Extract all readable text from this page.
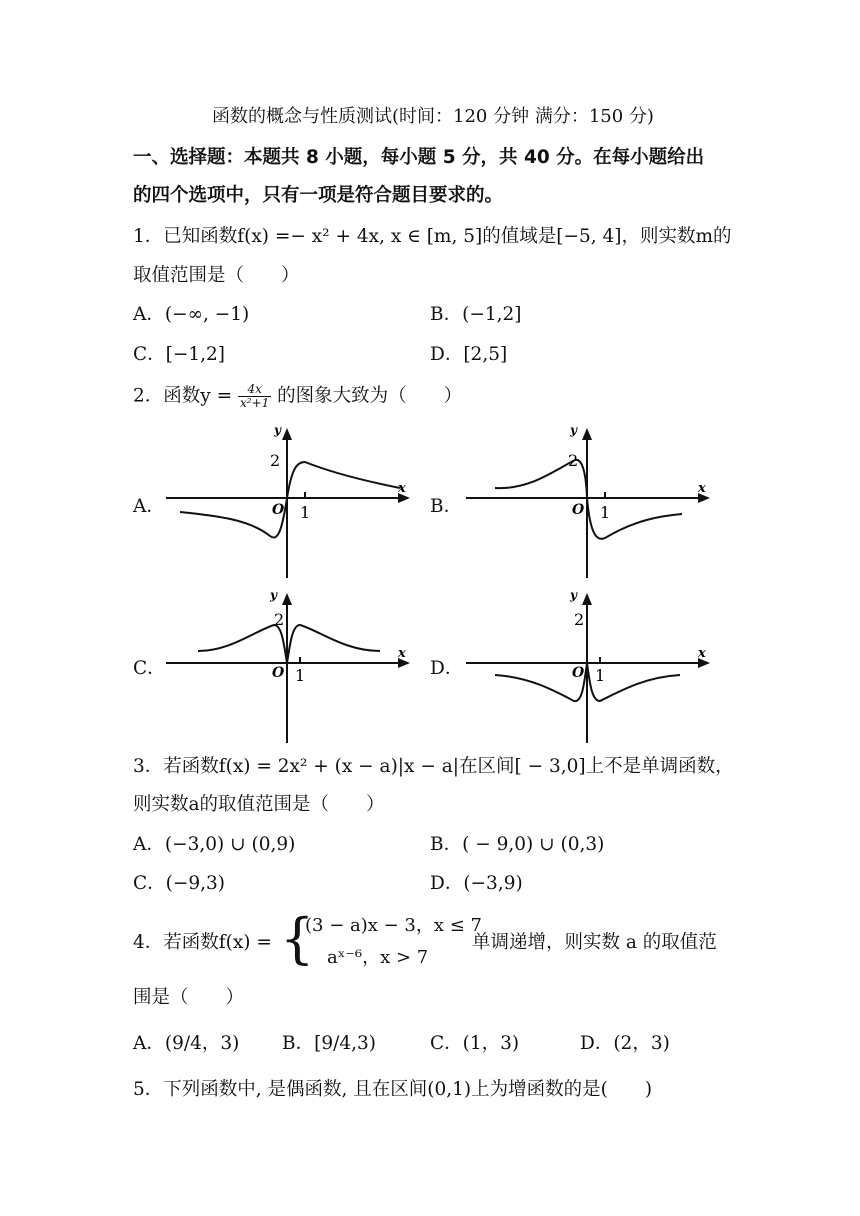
函数的概念与性质测试(时间：120 分钟 满分：150 分)
一、选择题：本题共 8 小题，每小题 5 分，共 40 分。在每小题给出
的四个选项中，只有一项是符合题目要求的。
1．已知函数f(x) =− x² + 4x, x ∈ [m, 5]的值域是[−5, 4]，则实数m的
取值范围是（　　）
A．(−∞, −1)	B．(−1,2]
C．[−1,2]	D．[2,5]
2．函数$y = \frac{4x}{\text{x²+1}}$ 的图象大致为（　　）
A．	B．
C．	D．
y
x
2
1
O
y
x
2
1
O
y
x
2
1
O
y
x
2
1
O
3．若函数f(x) = 2x² + (x − a)|x − a|在区间[ − 3,0]上不是单调函数，
则实数a的取值范围是（　　）
A．(−3,0) ∪ (0,9)	B．( − 9,0) ∪ (0,3)
C．(−9,3)	D．(−3,9)
4．若函数f(x) = {
(3 − a)x − 3，x ≤ 7
aˣ⁻⁶，x > 7
单调递增，则实数 a 的取值范
围是（　　）
A．(9/4，3) B．[9/4,3)	C．(1，3)	D．(2，3)
5．下列函数中, 是偶函数, 且在区间(0,1)上为增函数的是(　　)
